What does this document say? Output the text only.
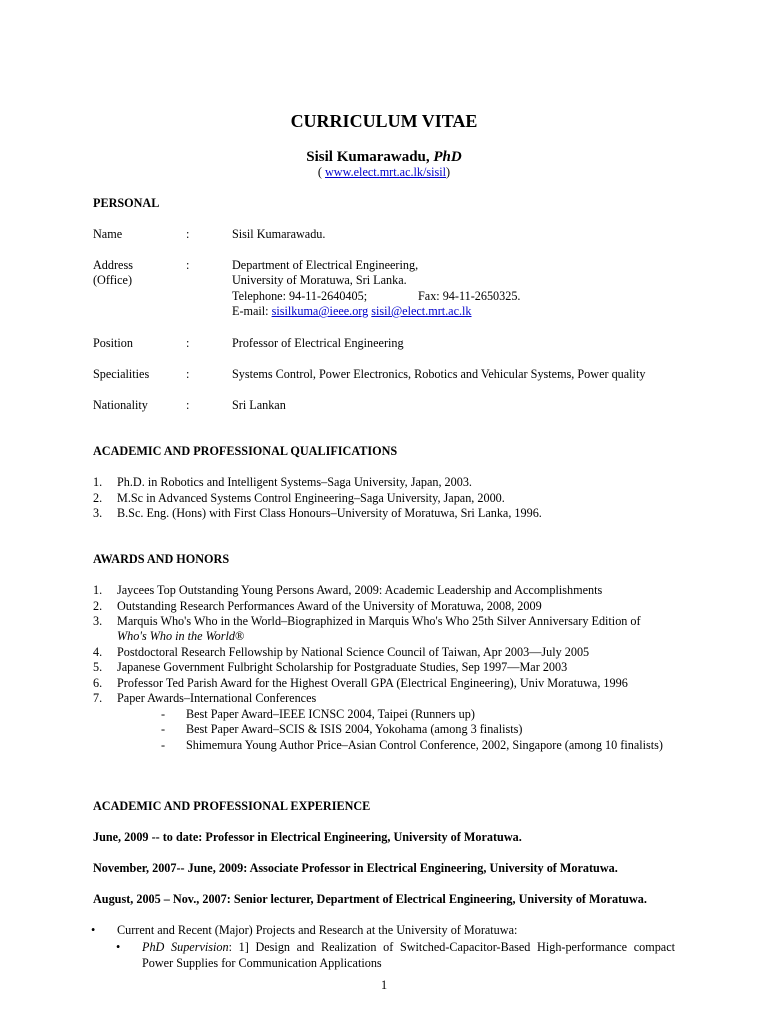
CURRICULUM VITAE
Sisil Kumarawadu, PhD
( www.elect.mrt.ac.lk/sisil)
PERSONAL
Name	:	Sisil Kumarawadu.
Address
(Office)
:	Department of Electrical Engineering,
University of Moratuwa, Sri Lanka.
Telephone: 94-11-2640405;	Fax: 94-11-2650325.
E-mail: sisilkuma@ieee.org sisil@elect.mrt.ac.lk
Position	:	Professor of Electrical Engineering
Specialities	:	Systems Control, Power Electronics, Robotics and Vehicular Systems, Power quality
Nationality	:	Sri Lankan
ACADEMIC AND PROFESSIONAL QUALIFICATIONS
1.	Ph.D. in Robotics and Intelligent Systems–Saga University, Japan, 2003.
2.	M.Sc in Advanced Systems Control Engineering–Saga University, Japan, 2000.
3.	B.Sc. Eng. (Hons) with First Class Honours–University of Moratuwa, Sri Lanka, 1996.
AWARDS AND HONORS
1.	Jaycees Top Outstanding Young Persons Award, 2009: Academic Leadership and Accomplishments
2.	Outstanding Research Performances Award of the University of Moratuwa, 2008, 2009
3.	Marquis Who's Who in the World–Biographized in Marquis Who's Who 25th Silver Anniversary Edition of
Who's Who in the World®
4.	Postdoctoral Research Fellowship by National Science Council of Taiwan, Apr 2003—July 2005
5.	Japanese Government Fulbright Scholarship for Postgraduate Studies, Sep 1997—Mar 2003
6.	Professor Ted Parish Award for the Highest Overall GPA (Electrical Engineering), Univ Moratuwa, 1996
7.	Paper Awards–International Conferences
- Best Paper Award–IEEE ICNSC 2004, Taipei (Runners up)
- Best Paper Award–SCIS & ISIS 2004, Yokohama (among 3 finalists)
- Shimemura Young Author Price–Asian Control Conference, 2002, Singapore (among 10 finalists)
ACADEMIC AND PROFESSIONAL EXPERIENCE
June, 2009 -- to date: Professor in Electrical Engineering, University of Moratuwa.
November, 2007-- June, 2009: Associate Professor in Electrical Engineering, University of Moratuwa.
August, 2005 – Nov., 2007: Senior lecturer, Department of Electrical Engineering, University of Moratuwa.
• Current and Recent (Major) Projects and Research at the University of Moratuwa:
• PhD Supervision: 1] Design and Realization of Switched-Capacitor-Based High-performance compact Power Supplies for Communication Applications
1
